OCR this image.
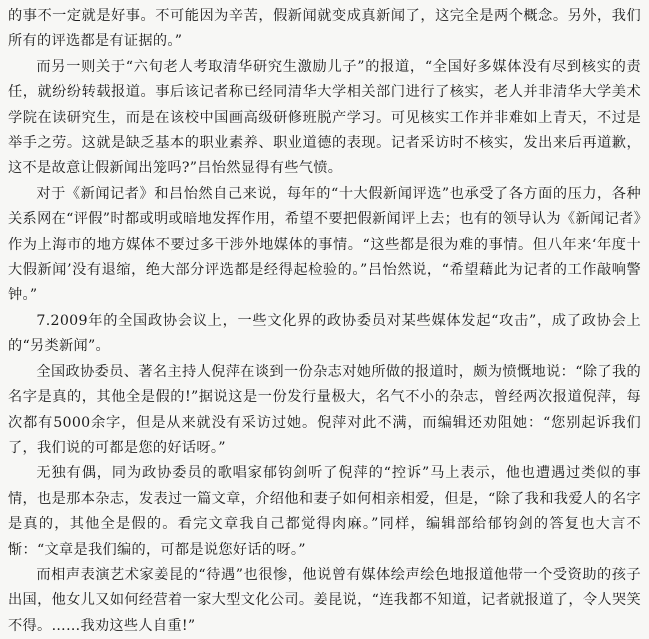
的事不一定就是好事。不可能因为辛苦，假新闻就变成真新闻了，这完全是两个概念。另外，我们所有的评选都是有证据的。”

而另一则关于“六旬老人考取清华研究生激励儿子”的报道，“全国好多媒体没有尽到核实的责任，就纷纷转载报道。事后该记者称已经同清华大学相关部门进行了核实，老人并非清华大学美术学院在读研究生，而是在该校中国画高级研修班脱产学习。可见核实工作并非难如上青天，不过是举手之劳。这就是缺乏基本的职业素养、职业道德的表现。记者采访时不核实，发出来后再道歉，这不是故意让假新闻出笼吗?”吕怡然显得有些气愤。

对于《新闻记者》和吕怡然自己来说，每年的“十大假新闻评选”也承受了各方面的压力，各种关系网在“评假”时都或明或暗地发挥作用，希望不要把假新闻评上去；也有的领导认为《新闻记者》作为上海市的地方媒体不要过多干涉外地媒体的事情。“这些都是很为难的事情。但八年来‘年度十大假新闻’没有退缩，绝大部分评选都是经得起检验的。”吕怡然说，“希望藉此为记者的工作敲响警钟。”

7.2009年的全国政协会议上，一些文化界的政协委员对某些媒体发起“攻击”，成了政协会上的“另类新闻”。

全国政协委员、著名主持人倪萍在谈到一份杂志对她所做的报道时，颇为愤慨地说：“除了我的名字是真的，其他全是假的!”据说这是一份发行量极大，名气不小的杂志，曾经两次报道倪萍，每次都有5000余字，但是从来就没有采访过她。倪萍对此不满，而编辑还劝阻她：“您别起诉我们了，我们说的可都是您的好话呀。”

无独有偶，同为政协委员的歌唱家郁钧剑听了倪萍的“控诉”马上表示，他也遭遇过类似的事情，也是那本杂志，发表过一篇文章，介绍他和妻子如何相亲相爱，但是，“除了我和我爱人的名字是真的，其他全是假的。看完文章我自己都觉得肉麻。”同样，编辑部给郁钧剑的答复也大言不惭：“文章是我们编的，可都是说您好话的呀。”

而相声表演艺术家姜昆的“待遇”也很惨，他说曾有媒体绘声绘色地报道他带一个受资助的孩子出国，他女儿又如何经营着一家大型文化公司。姜昆说，“连我都不知道，记者就报道了，令人哭笑不得。……我劝这些人自重!”
